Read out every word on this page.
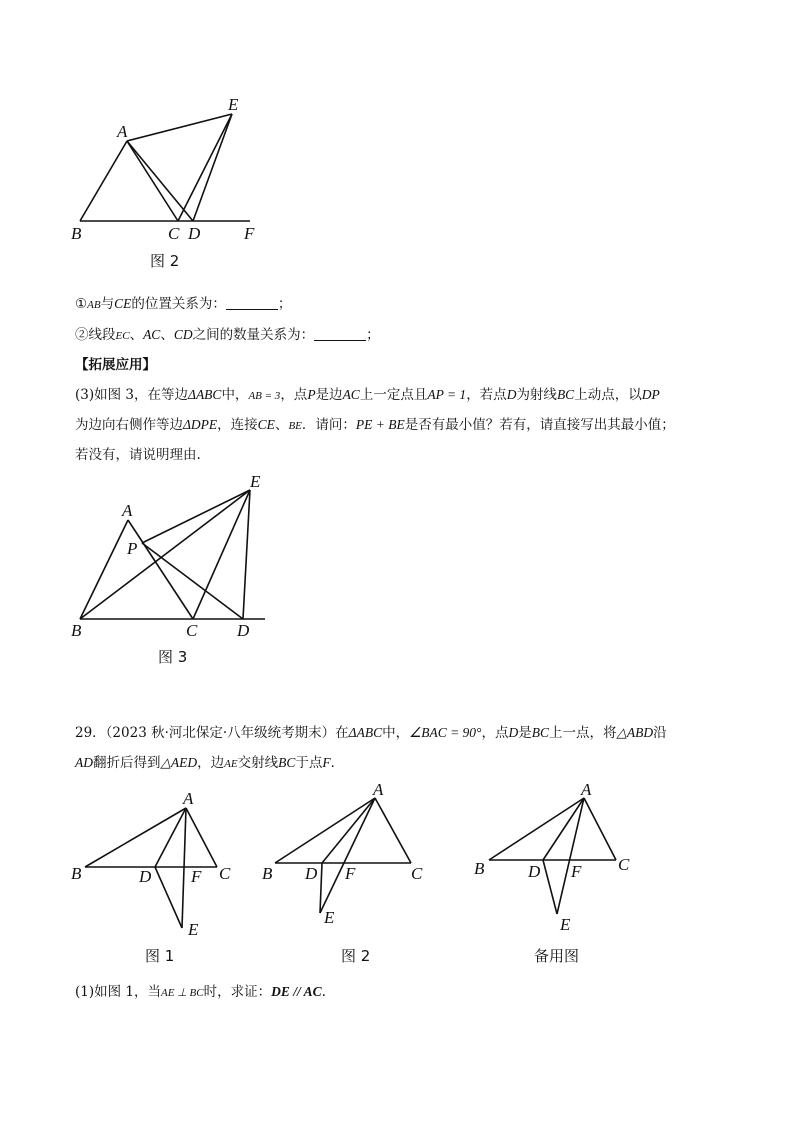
A
B	C D
E
F
图 2
①AB与CE的位置关系为：	；
②线段EC、AC、CD之间的数量关系为：	；
【拓展应用】
(3)如图 3，在等边ΔABC中，AB = 3，点P是边AC上一定点且AP = 1，若点D为射线BC上动点，以DP
为边向右侧作等边ΔDPE，连接CE、BE．请问：PE + BE是否有最小值？若有，请直接写出其最小值；
若没有，请说明理由.
A
P
B	C D
E
图 3
29．（2023 秋·河北保定·八年级统考期末）在ΔABC中，∠BAC = 90°，点D是BC上一点，将△ABD沿
AD翻折后得到△AED，边AE交射线BC于点F．
A
B	C
D
E
F
图 1
A
B	C
D
E
F
图 2
A
B	C
D
E
F
备用图
(1)如图 1，当AE ⊥ BC时，求证：DE // AC.
